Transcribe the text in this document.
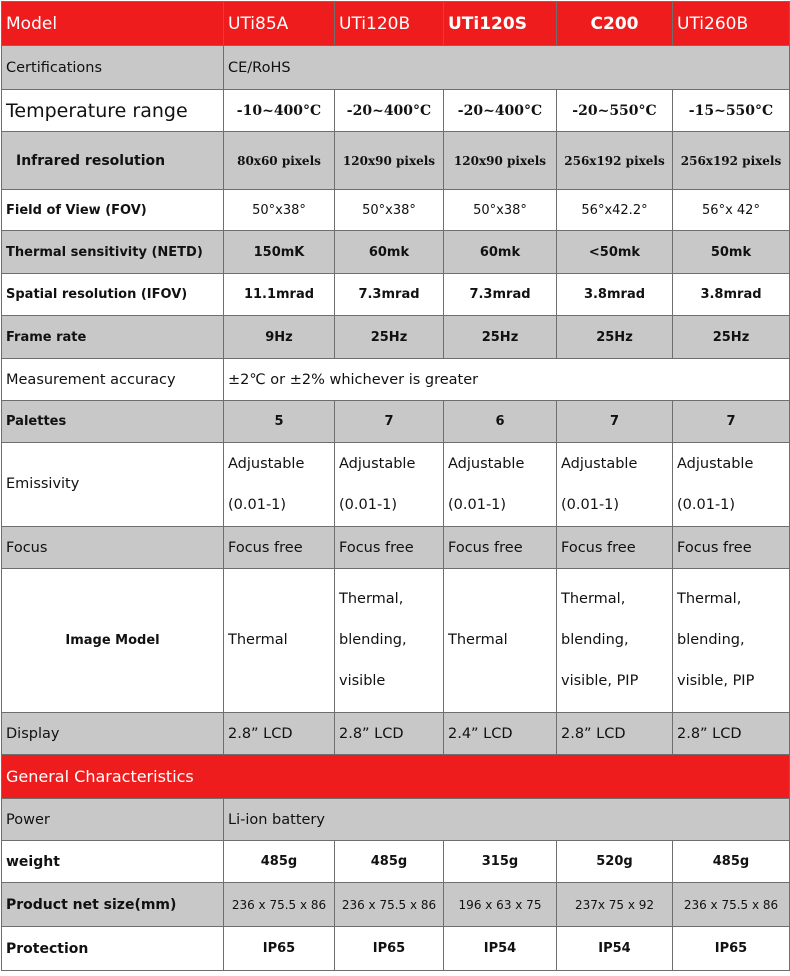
Model	UTi85A	UTi120B	UTi120S	C200	UTi260B
Certifications	CE/RoHS				
Temperature range	-10~400°C	-20~400°C	-20~400°C	-20~550°C	-15~550°C
Infrared resolution	80x60 pixels	120x90 pixels	120x90 pixels	256x192 pixels	256x192 pixels
Field of View (FOV)	50°x38°	50°x38°	50°x38°	56°x42.2°	56°x 42°
Thermal sensitivity (NETD)	150mK	60mk	60mk	<50mk	50mk
Spatial resolution (IFOV)	11.1mrad	7.3mrad	7.3mrad	3.8mrad	3.8mrad
Frame rate	9Hz	25Hz	25Hz	25Hz	25Hz
Measurement accuracy	±2℃ or ±2% whichever is greater				
Palettes	5	7	6	7	7
Emissivity	Adjustable (0.01-1)	Adjustable (0.01-1)	Adjustable (0.01-1)	Adjustable (0.01-1)	Adjustable (0.01-1)
Focus	Focus free	Focus free	Focus free	Focus free	Focus free
Image Model	Thermal	Thermal, blending, visible	Thermal	Thermal, blending, visible, PIP	Thermal, blending, visible, PIP
Display	2.8” LCD	2.8” LCD	2.4” LCD	2.8” LCD	2.8” LCD
General Characteristics					
Power	Li-ion battery				
weight	485g	485g	315g	520g	485g
Product net size(mm)	236 x 75.5 x 86	236 x 75.5 x 86	196 x 63 x 75	237x 75 x 92	236 x 75.5 x 86
Protection	IP65	IP65	IP54	IP54	IP65
